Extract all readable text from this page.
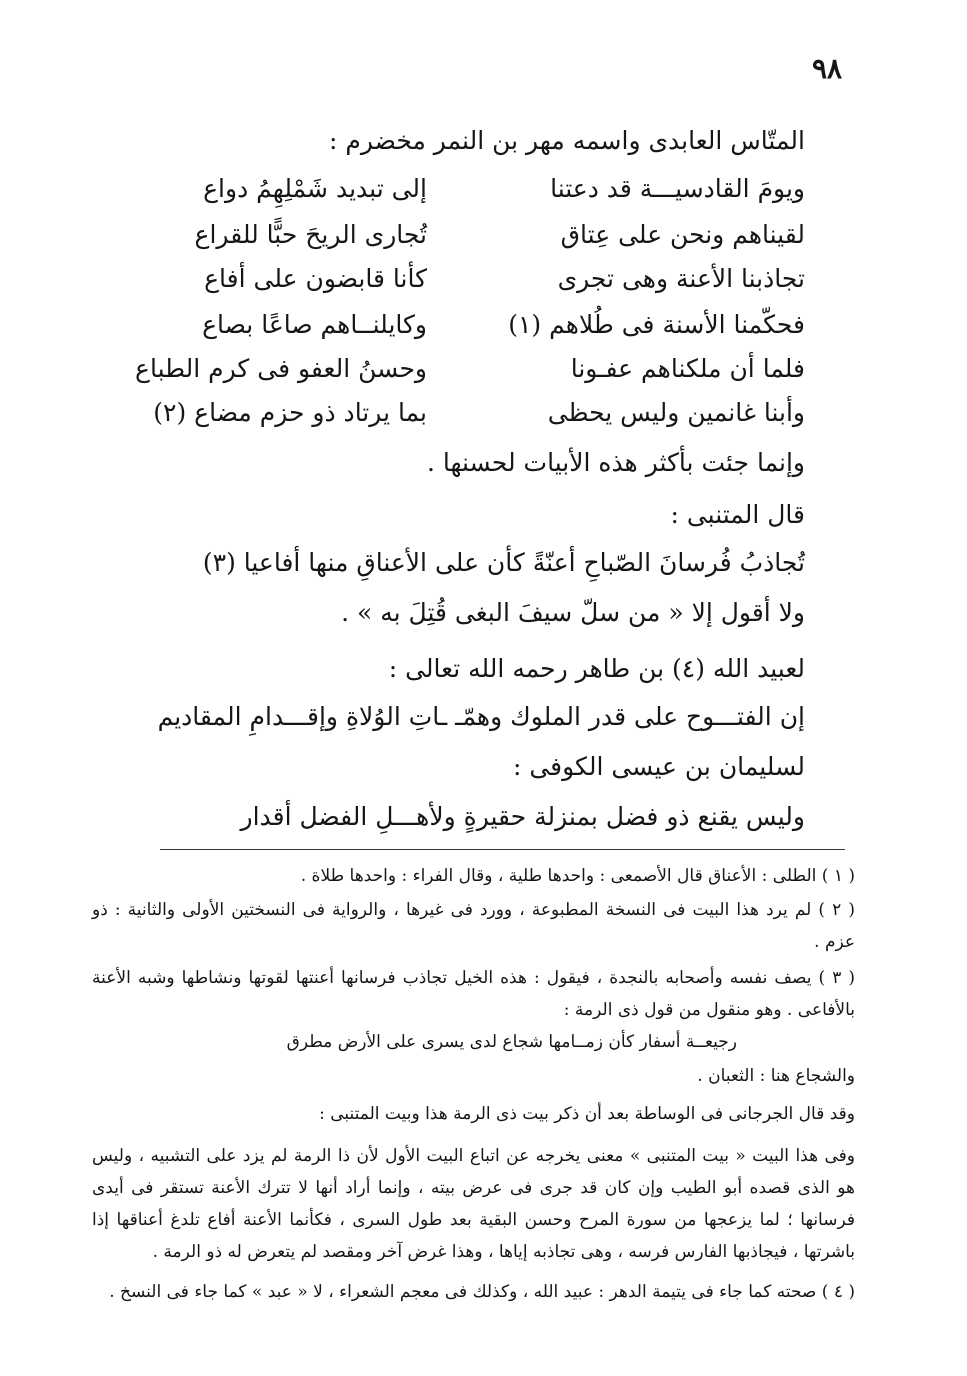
٩٨
المتّاس العابدى واسمه مهر بن النمر مخضرم :
ويومَ القادسيـــة قد دعتنا
إلى تبديد شَمْلِهِمُ دواع
لقيناهم ونحن على عِتاق
تُجارى الريحَ حبًّا للقراع
تجاذبنا الأعنة وهى تجرى
كأنا قابضون على أفاع
فحكّمنا الأسنة فى طُلاهم (١)
وكايلنــاهم صاعًا بصاع
فلما أن ملكناهم عفـونا
وحسنُ العفو فى كرم الطباع
وأبنا غانمين وليس يحظى
بما يرتاد ذو حزم مضاع (٢)
وإنما جئت بأكثر هذه الأبيات لحسنها .
قال المتنبى :
تُجاذبُ فُرسانَ الصّباحِ أعنّةً كأن على الأعناقِ منها أفاعيا (٣)
ولا أقول إلا « من سلّ سيفَ البغى قُتِلَ به » .
لعبيد الله (٤) بن طاهر رحمه الله تعالى :
إن الفتـــوح على قدر الملوك وهمّـ ـاتِ الوُلاةِ وإقـــدامِ المقاديم
لسليمان بن عيسى الكوفى :
وليس يقنع ذو فضل بمنزلة حقيرةٍ ولأهـــلِ الفضل أقدار
( ١ ) الطلى : الأعناق قال الأصمعى : واحدها طلية ، وقال الفراء : واحدها طلاة .
( ٢ ) لم يرد هذا البيت فى النسخة المطبوعة ، وورد فى غيرها ، والرواية فى النسختين الأولى والثانية : ذو عزم .
( ٣ ) يصف نفسه وأصحابه بالنجدة ، فيقول : هذه الخيل تجاذب فرسانها أعنتها لقوتها ونشاطها وشبه الأعنة بالأفاعى . وهو منقول من قول ذى الرمة :
رجيعــة أسفار كأن زمــامها شجاع لدى يسرى على الأرض مطرق
والشجاع هنا : الثعبان .
وقد قال الجرجانى فى الوساطة بعد أن ذكر بيت ذى الرمة هذا وبيت المتنبى :
وفى هذا البيت « بيت المتنبى » معنى يخرجه عن اتباع البيت الأول لأن ذا الرمة لم يزد على التشبيه ، وليس هو الذى قصده أبو الطيب وإن كان قد جرى فى عرض بيته ، وإنما أراد أنها لا تترك الأعنة تستقر فى أيدى فرسانها ؛ لما يزعجها من سورة المرح وحسن البقية بعد طول السرى ، فكأنما الأعنة أفاع تلدغ أعناقها إذا باشرتها ، فيجاذبها الفارس فرسه ، وهى تجاذبه إياها ، وهذا غرض آخر ومقصد لم يتعرض له ذو الرمة .
( ٤ ) صحته كما جاء فى يتيمة الدهر : عبيد الله ، وكذلك فى معجم الشعراء ، لا « عبد » كما جاء فى النسخ .
